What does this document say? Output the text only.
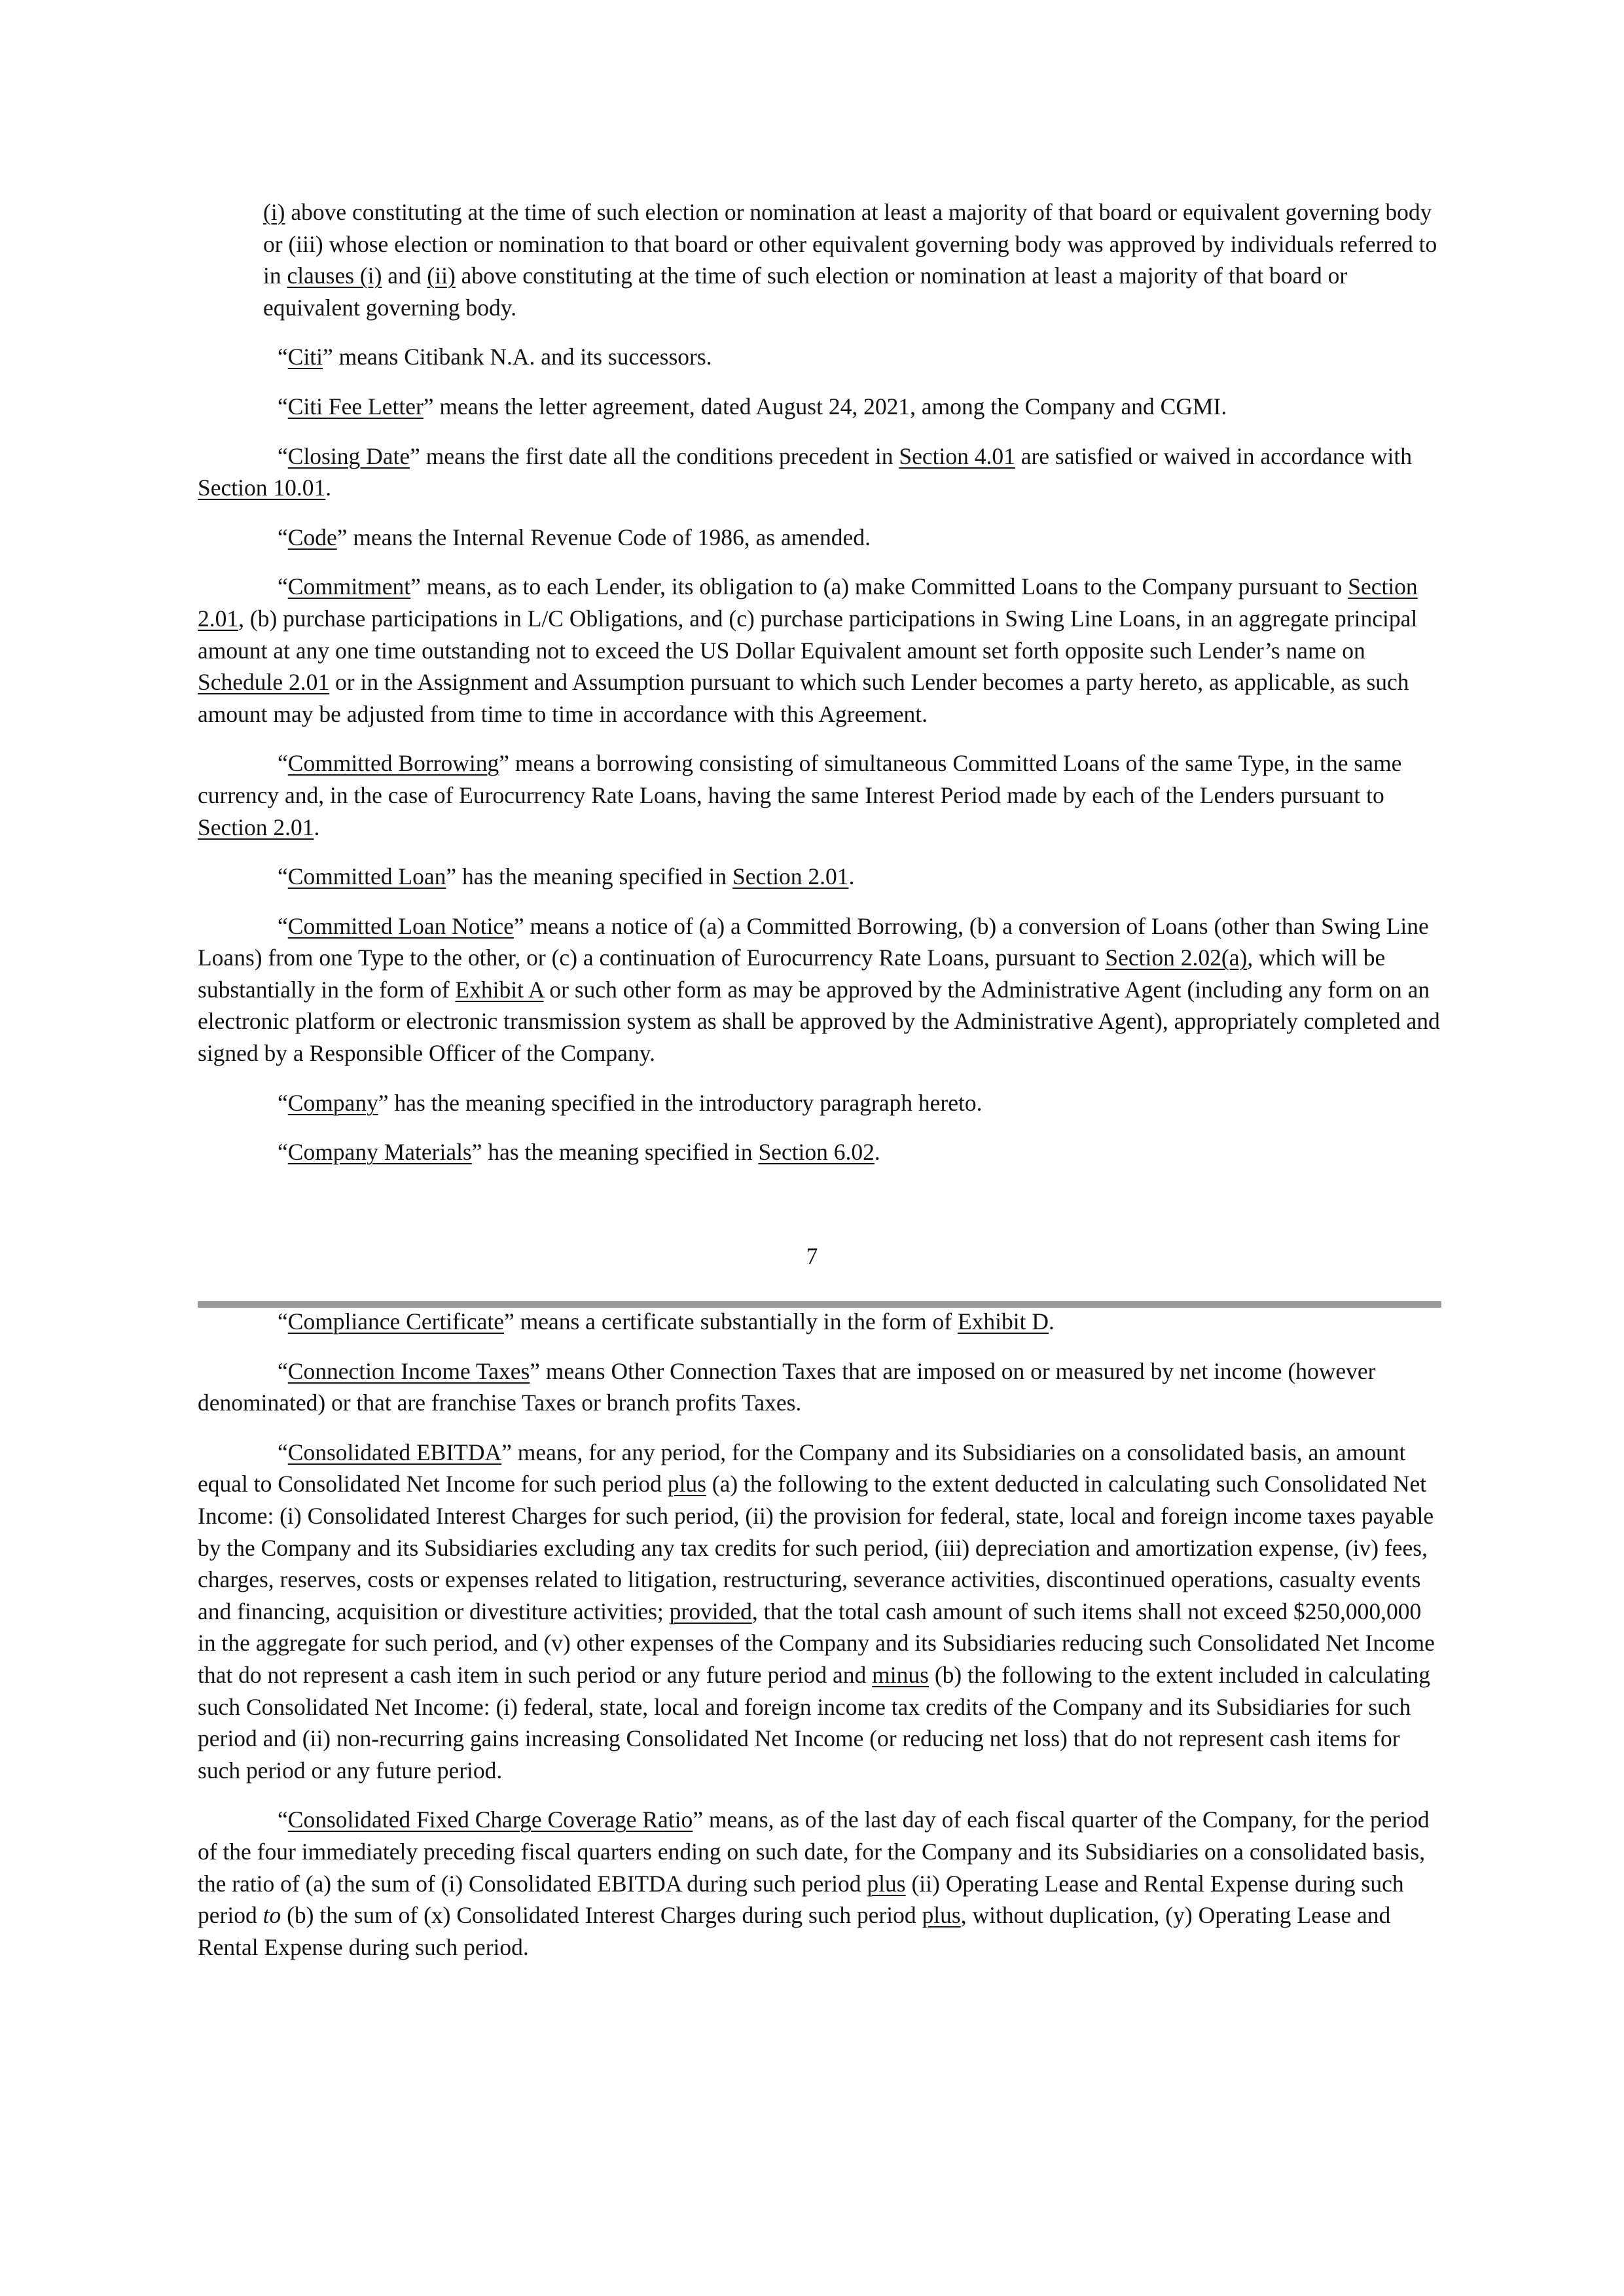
(i) above constituting at the time of such election or nomination at least a majority of that board or equivalent governing body or (iii) whose election or nomination to that board or other equivalent governing body was approved by individuals referred to in clauses (i) and (ii) above constituting at the time of such election or nomination at least a majority of that board or equivalent governing body.

“Citi” means Citibank N.A. and its successors.

“Citi Fee Letter” means the letter agreement, dated August 24, 2021, among the Company and CGMI.

“Closing Date” means the first date all the conditions precedent in Section 4.01 are satisfied or waived in accordance with Section 10.01.

“Code” means the Internal Revenue Code of 1986, as amended.

“Commitment” means, as to each Lender, its obligation to (a) make Committed Loans to the Company pursuant to Section 2.01, (b) purchase participations in L/C Obligations, and (c) purchase participations in Swing Line Loans, in an aggregate principal amount at any one time outstanding not to exceed the US Dollar Equivalent amount set forth opposite such Lender’s name on Schedule 2.01 or in the Assignment and Assumption pursuant to which such Lender becomes a party hereto, as applicable, as such amount may be adjusted from time to time in accordance with this Agreement.

“Committed Borrowing” means a borrowing consisting of simultaneous Committed Loans of the same Type, in the same currency and, in the case of Eurocurrency Rate Loans, having the same Interest Period made by each of the Lenders pursuant to Section 2.01.

“Committed Loan” has the meaning specified in Section 2.01.

“Committed Loan Notice” means a notice of (a) a Committed Borrowing, (b) a conversion of Loans (other than Swing Line Loans) from one Type to the other, or (c) a continuation of Eurocurrency Rate Loans, pursuant to Section 2.02(a), which will be substantially in the form of Exhibit A or such other form as may be approved by the Administrative Agent (including any form on an electronic platform or electronic transmission system as shall be approved by the Administrative Agent), appropriately completed and signed by a Responsible Officer of the Company.

“Company” has the meaning specified in the introductory paragraph hereto.

“Company Materials” has the meaning specified in Section 6.02.

7

“Compliance Certificate” means a certificate substantially in the form of Exhibit D.

“Connection Income Taxes” means Other Connection Taxes that are imposed on or measured by net income (however denominated) or that are franchise Taxes or branch profits Taxes.

“Consolidated EBITDA” means, for any period, for the Company and its Subsidiaries on a consolidated basis, an amount equal to Consolidated Net Income for such period plus (a) the following to the extent deducted in calculating such Consolidated Net Income: (i) Consolidated Interest Charges for such period, (ii) the provision for federal, state, local and foreign income taxes payable by the Company and its Subsidiaries excluding any tax credits for such period, (iii) depreciation and amortization expense, (iv) fees, charges, reserves, costs or expenses related to litigation, restructuring, severance activities, discontinued operations, casualty events and financing, acquisition or divestiture activities; provided, that the total cash amount of such items shall not exceed $250,000,000 in the aggregate for such period, and (v) other expenses of the Company and its Subsidiaries reducing such Consolidated Net Income that do not represent a cash item in such period or any future period and minus (b) the following to the extent included in calculating such Consolidated Net Income: (i) federal, state, local and foreign income tax credits of the Company and its Subsidiaries for such period and (ii) non-recurring gains increasing Consolidated Net Income (or reducing net loss) that do not represent cash items for such period or any future period.

“Consolidated Fixed Charge Coverage Ratio” means, as of the last day of each fiscal quarter of the Company, for the period of the four immediately preceding fiscal quarters ending on such date, for the Company and its Subsidiaries on a consolidated basis, the ratio of (a) the sum of (i) Consolidated EBITDA during such period plus (ii) Operating Lease and Rental Expense during such period to (b) the sum of (x) Consolidated Interest Charges during such period plus, without duplication, (y) Operating Lease and Rental Expense during such period.
